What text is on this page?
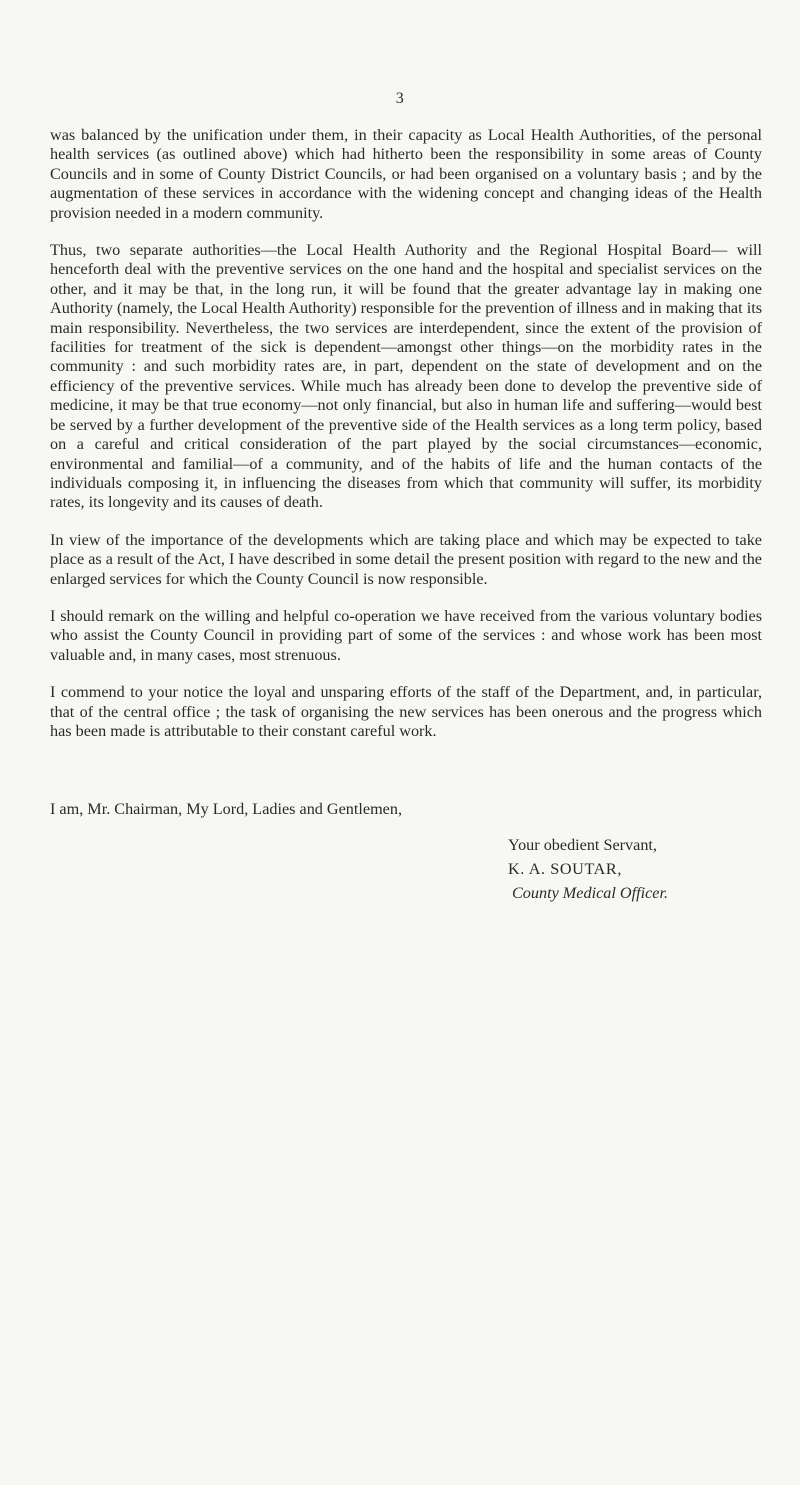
3

was balanced by the unification under them, in their capacity as Local Health Authorities, of the personal health services (as outlined above) which had hitherto been the responsibility in some areas of County Councils and in some of County District Councils, or had been organised on a voluntary basis ; and by the augmentation of these services in accordance with the widening concept and changing ideas of the Health provision needed in a modern community.

Thus, two separate authorities—the Local Health Authority and the Regional Hospital Board— will henceforth deal with the preventive services on the one hand and the hospital and specialist services on the other, and it may be that, in the long run, it will be found that the greater advantage lay in making one Authority (namely, the Local Health Authority) responsible for the prevention of illness and in making that its main responsibility. Nevertheless, the two services are interdependent, since the extent of the provision of facilities for treatment of the sick is dependent—amongst other things—on the morbidity rates in the community : and such morbidity rates are, in part, dependent on the state of development and on the efficiency of the preventive services. While much has already been done to develop the preventive side of medicine, it may be that true economy—not only financial, but also in human life and suffering—would best be served by a further development of the preventive side of the Health services as a long term policy, based on a careful and critical consideration of the part played by the social circumstances—economic, environmental and familial—of a community, and of the habits of life and the human contacts of the individuals composing it, in influencing the diseases from which that community will suffer, its morbidity rates, its longevity and its causes of death.

In view of the importance of the developments which are taking place and which may be expected to take place as a result of the Act, I have described in some detail the present position with regard to the new and the enlarged services for which the County Council is now responsible.

I should remark on the willing and helpful co-operation we have received from the various voluntary bodies who assist the County Council in providing part of some of the services : and whose work has been most valuable and, in many cases, most strenuous.

I commend to your notice the loyal and unsparing efforts of the staff of the Department, and, in particular, that of the central office ; the task of organising the new services has been onerous and the progress which has been made is attributable to their constant careful work.

I am, Mr. Chairman, My Lord, Ladies and Gentlemen,
Your obedient Servant,
K. A. SOUTAR,
County Medical Officer.
